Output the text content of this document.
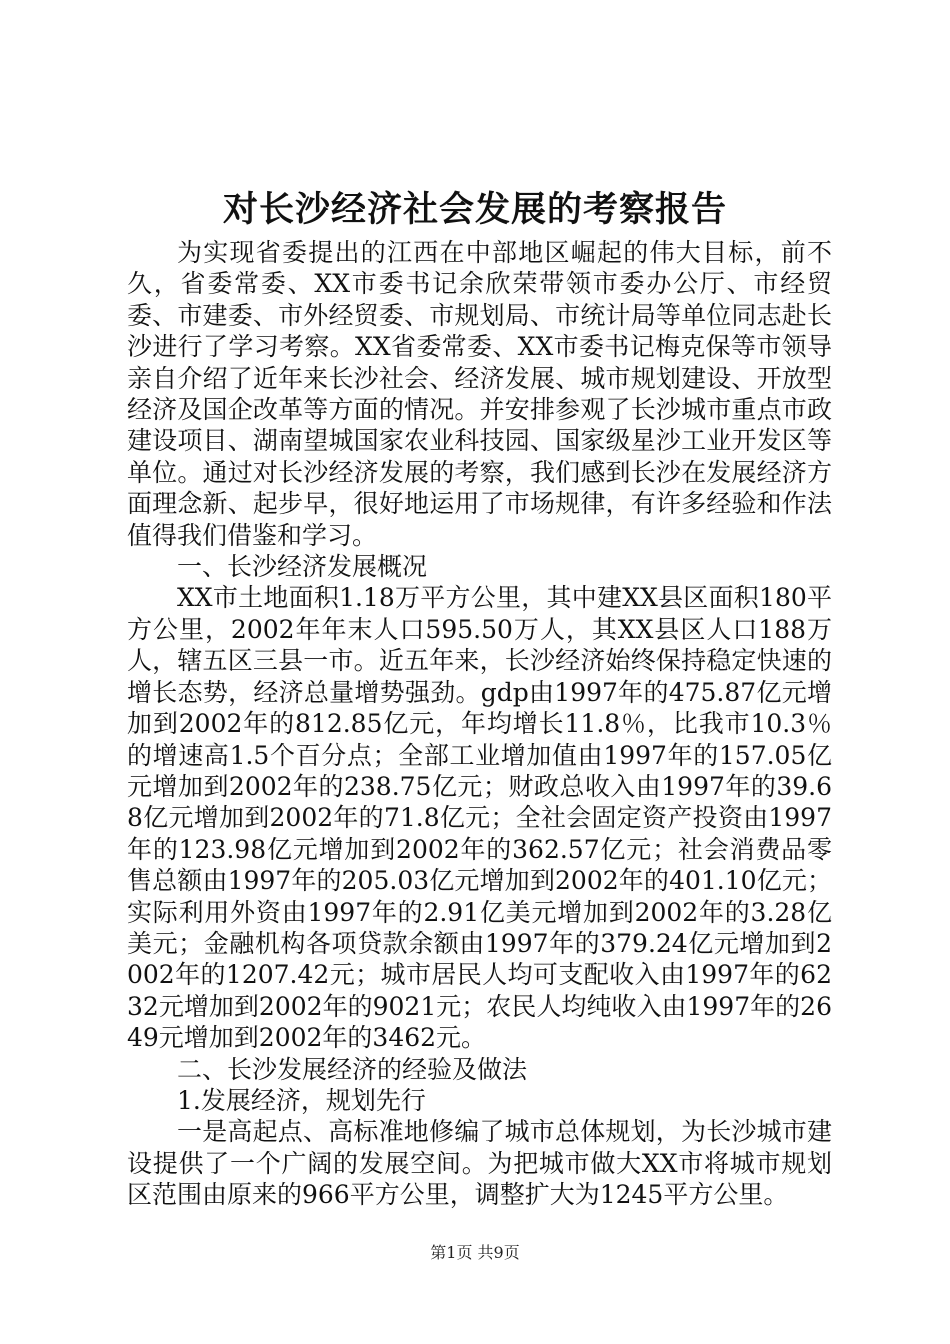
对长沙经济社会发展的考察报告

为实现省委提出的江西在中部地区崛起的伟大目标，前不久，省委常委、XX市委书记余欣荣带领市委办公厅、市经贸委、市建委、市外经贸委、市规划局、市统计局等单位同志赴长沙进行了学习考察。XX省委常委、XX市委书记梅克保等市领导亲自介绍了近年来长沙社会、经济发展、城市规划建设、开放型经济及国企改革等方面的情况。并安排参观了长沙城市重点市政建设项目、湖南望城国家农业科技园、国家级星沙工业开发区等单位。通过对长沙经济发展的考察，我们感到长沙在发展经济方面理念新、起步早，很好地运用了市场规律，有许多经验和作法值得我们借鉴和学习。

一、长沙经济发展概况

XX市土地面积1.18万平方公里，其中建XX县区面积180平方公里，2002年年末人口595.50万人，其XX县区人口188万人，辖五区三县一市。近五年来，长沙经济始终保持稳定快速的增长态势，经济总量增势强劲。gdp由1997年的475.87亿元增加到2002年的812.85亿元，年均增长11.8％，比我市10.3％的增速高1.5个百分点；全部工业增加值由1997年的157.05亿元增加到2002年的238.75亿元；财政总收入由1997年的39.68亿元增加到2002年的71.8亿元；全社会固定资产投资由1997年的123.98亿元增加到2002年的362.57亿元；社会消费品零售总额由1997年的205.03亿元增加到2002年的401.10亿元；实际利用外资由1997年的2.91亿美元增加到2002年的3.28亿美元；金融机构各项贷款余额由1997年的379.24亿元增加到2002年的1207.42元；城市居民人均可支配收入由1997年的6232元增加到2002年的9021元；农民人均纯收入由1997年的2649元增加到2002年的3462元。

二、长沙发展经济的经验及做法

1.发展经济，规划先行

一是高起点、高标准地修编了城市总体规划，为长沙城市建设提供了一个广阔的发展空间。为把城市做大XX市将城市规划区范围由原来的966平方公里，调整扩大为1245平方公里。

第1页 共9页
